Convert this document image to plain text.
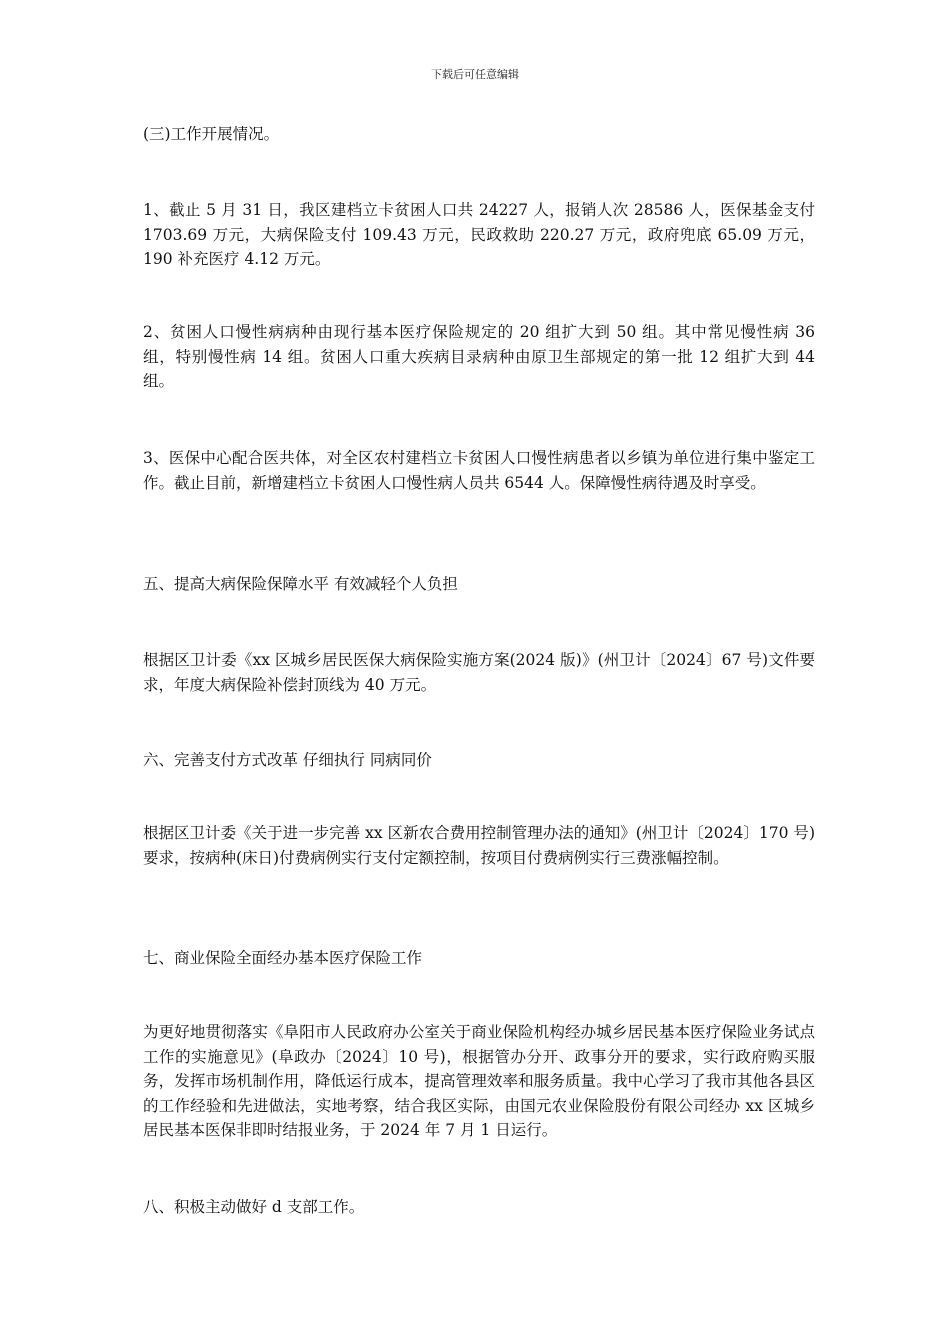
下载后可任意编辑
(三)工作开展情况。
1、截止 5 月 31 日，我区建档立卡贫困人口共 24227 人，报销人次 28586 人，医保基金支付 1703.69 万元，大病保险支付 109.43 万元，民政救助 220.27 万元，政府兜底 65.09 万元，190 补充医疗 4.12 万元。
2、贫困人口慢性病病种由现行基本医疗保险规定的 20 组扩大到 50 组。其中常见慢性病 36 组，特别慢性病 14 组。贫困人口重大疾病目录病种由原卫生部规定的第一批 12 组扩大到 44 组。
3、医保中心配合医共体，对全区农村建档立卡贫困人口慢性病患者以乡镇为单位进行集中鉴定工作。截止目前，新增建档立卡贫困人口慢性病人员共 6544 人。保障慢性病待遇及时享受。
五、提高大病保险保障水平 有效减轻个人负担
根据区卫计委《xx 区城乡居民医保大病保险实施方案(2024 版)》(州卫计〔2024〕67 号)文件要求，年度大病保险补偿封顶线为 40 万元。
六、完善支付方式改革 仔细执行 同病同价
根据区卫计委《关于进一步完善 xx 区新农合费用控制管理办法的通知》(州卫计〔2024〕170 号)要求，按病种(床日)付费病例实行支付定额控制，按项目付费病例实行三费涨幅控制。
七、商业保险全面经办基本医疗保险工作
为更好地贯彻落实《阜阳市人民政府办公室关于商业保险机构经办城乡居民基本医疗保险业务试点工作的实施意见》(阜政办〔2024〕10 号)，根据管办分开、政事分开的要求，实行政府购买服务，发挥市场机制作用，降低运行成本，提高管理效率和服务质量。我中心学习了我市其他各县区的工作经验和先进做法，实地考察，结合我区实际，由国元农业保险股份有限公司经办 xx 区城乡居民基本医保非即时结报业务，于 2024 年 7 月 1 日运行。
八、积极主动做好 d 支部工作。
